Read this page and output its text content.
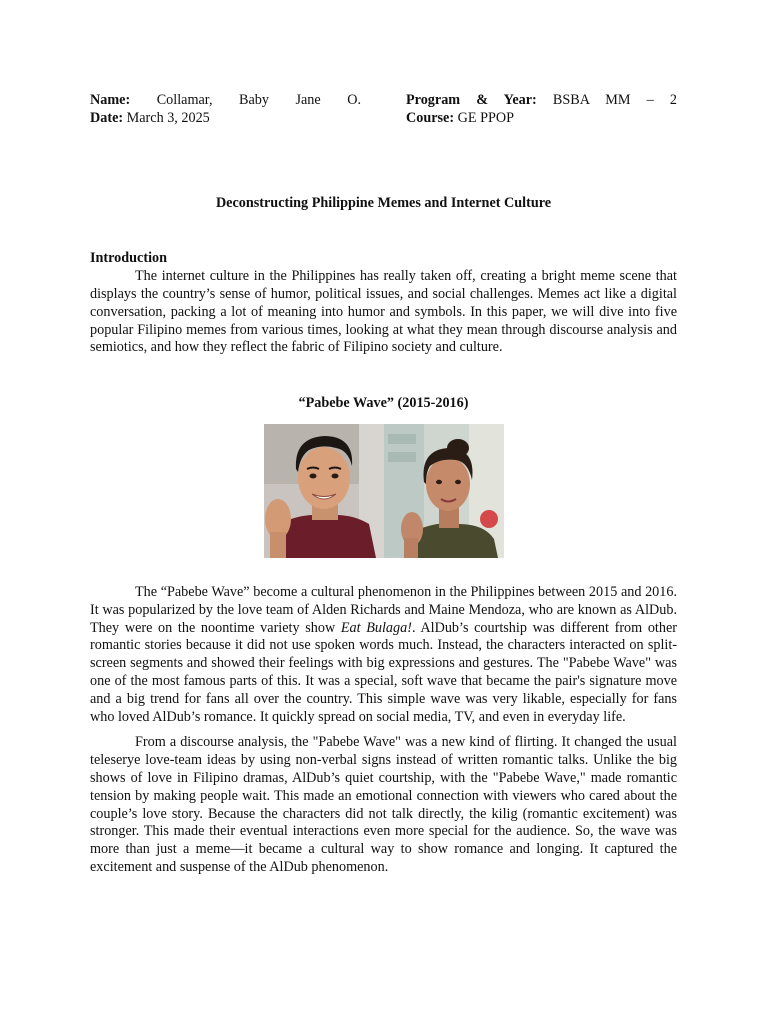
Name: Collamar, Baby Jane O.
Date: March 3, 2025
Program & Year: BSBA MM – 2
Course: GE PPOP
Deconstructing Philippine Memes and Internet Culture
Introduction

The internet culture in the Philippines has really taken off, creating a bright meme scene that displays the country’s sense of humor, political issues, and social challenges. Memes act like a digital conversation, packing a lot of meaning into humor and symbols. In this paper, we will dive into five popular Filipino memes from various times, looking at what they mean through discourse analysis and semiotics, and how they reflect the fabric of Filipino society and culture.

“Pabebe Wave” (2015-2016)

The “Pabebe Wave” become a cultural phenomenon in the Philippines between 2015 and 2016. It was popularized by the love team of Alden Richards and Maine Mendoza, who are known as AlDub. They were on the noontime variety show Eat Bulaga!. AlDub’s courtship was different from other romantic stories because it did not use spoken words much. Instead, the characters interacted on split-screen segments and showed their feelings with big expressions and gestures. The "Pabebe Wave" was one of the most famous parts of this. It was a special, soft wave that became the pair's signature move and a big trend for fans all over the country. This simple wave was very likable, especially for fans who loved AlDub’s romance. It quickly spread on social media, TV, and even in everyday life.

From a discourse analysis, the "Pabebe Wave" was a new kind of flirting. It changed the usual teleserye love-team ideas by using non-verbal signs instead of written romantic talks. Unlike the big shows of love in Filipino dramas, AlDub’s quiet courtship, with the "Pabebe Wave," made romantic tension by making people wait. This made an emotional connection with viewers who cared about the couple’s love story. Because the characters did not talk directly, the kilig (romantic excitement) was stronger. This made their eventual interactions even more special for the audience. So, the wave was more than just a meme—it became a cultural way to show romance and longing. It captured the excitement and suspense of the AlDub phenomenon.
